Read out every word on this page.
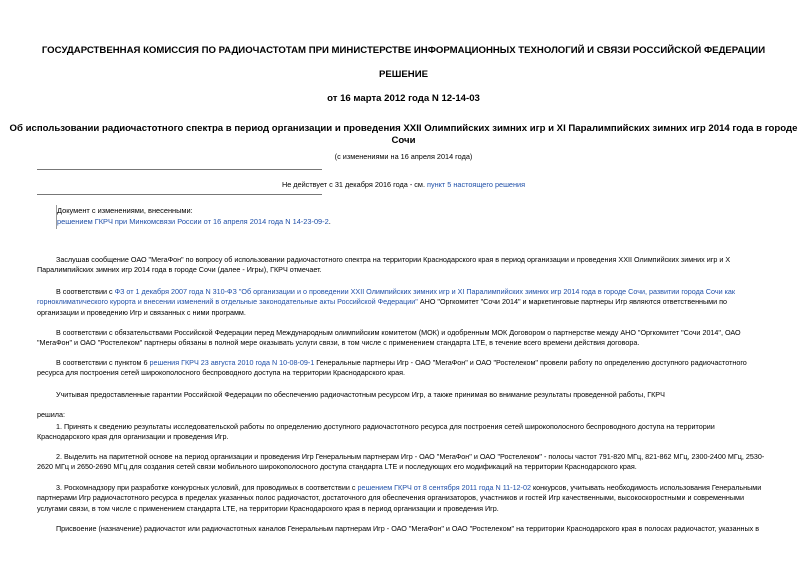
ГОСУДАРСТВЕННАЯ КОМИССИЯ ПО РАДИОЧАСТОТАМ ПРИ МИНИСТЕРСТВЕ ИНФОРМАЦИОННЫХ ТЕХНОЛОГИЙ И СВЯЗИ РОССИЙСКОЙ ФЕДЕРАЦИИ
РЕШЕНИЕ
от 16 марта 2012 года N 12-14-03
Об использовании радиочастотного спектра в период организации и проведения XXII Олимпийских зимних игр и XI Паралимпийских зимних игр 2014 года в городе
Сочи
(с изменениями на 16 апреля 2014 года)
Не действует с 31 декабря 2016 года - см. пункт 5 настоящего решения
Документ с изменениями, внесенными:
решением ГКРЧ при Минкомсвязи России от 16 апреля 2014 года N 14-23-09-2.
Заслушав сообщение ОАО "МегаФон" по вопросу об использовании радиочастотного спектра на территории Краснодарского края в период организации и проведения XXII Олимпийских зимних игр и X
Паралимпийских зимних игр 2014 года в городе Сочи (далее - Игры), ГКРЧ отмечает.
В соответствии с ФЗ от 1 декабря 2007 года N 310-ФЗ "Об организации и о проведении XXII Олимпийских зимних игр и XI Паралимпийских зимних игр 2014 года в городе Сочи, развитии города Сочи как
горноклиматического курорта и внесении изменений в отдельные законодательные акты Российской Федерации" АНО "Оргкомитет "Сочи 2014" и маркетинговые партнеры Игр являются ответственными по
организации и проведению Игр и связанных с ними программ.
В соответствии с обязательствами Российской Федерации перед Международным олимпийским комитетом (МОК) и одобренным МОК Договором о партнерстве между АНО "Оргкомитет "Сочи 2014", ОАО
"МегаФон" и ОАО "Ростелеком" партнеры обязаны в полной мере оказывать услуги связи, в том числе с применением стандарта LTE, в течение всего времени действия договора.
В соответствии с пунктом 6 решения ГКРЧ 23 августа 2010 года N 10-08-09-1 Генеральные партнеры Игр - ОАО "МегаФон" и ОАО "Ростелеком" провели работу по определению доступного радиочастотного
ресурса для построения сетей широкополосного беспроводного доступа на территории Краснодарского края.
Учитывая предоставленные гарантии Российской Федерации по обеспечению радиочастотным ресурсом Игр, а также принимая во внимание результаты проведенной работы, ГКРЧ
решила:
1. Принять к сведению результаты исследовательской работы по определению доступного радиочастотного ресурса для построения сетей широкополосного беспроводного доступа на территории
Краснодарского края для организации и проведения Игр.
2. Выделить на паритетной основе на период организации и проведения Игр Генеральным партнерам Игр - ОАО "МегаФон" и ОАО "Ростелеком" - полосы частот 791-820 МГц, 821-862 МГц, 2300-2400 МГц, 2530-
2620 МГц и 2650-2690 МГц для создания сетей связи мобильного широкополосного доступа стандарта LTE и последующих его модификаций на территории Краснодарского края.
3. Роскомнадзору при разработке конкурсных условий, для проводимых в соответствии с решением ГКРЧ от 8 сентября 2011 года N 11-12-02 конкурсов, учитывать необходимость использования Генеральными
партнерами Игр радиочастотного ресурса в пределах указанных полос радиочастот, достаточного для обеспечения организаторов, участников и гостей Игр качественными, высокоскоростными и современными
услугами связи, в том числе с применением стандарта LTE, на территории Краснодарского края в период организации и проведения Игр.
Присвоение (назначение) радиочастот или радиочастотных каналов Генеральным партнерам Игр - ОАО "МегаФон" и ОАО "Ростелеком" на территории Краснодарского края в полосах радиочастот, указанных в
